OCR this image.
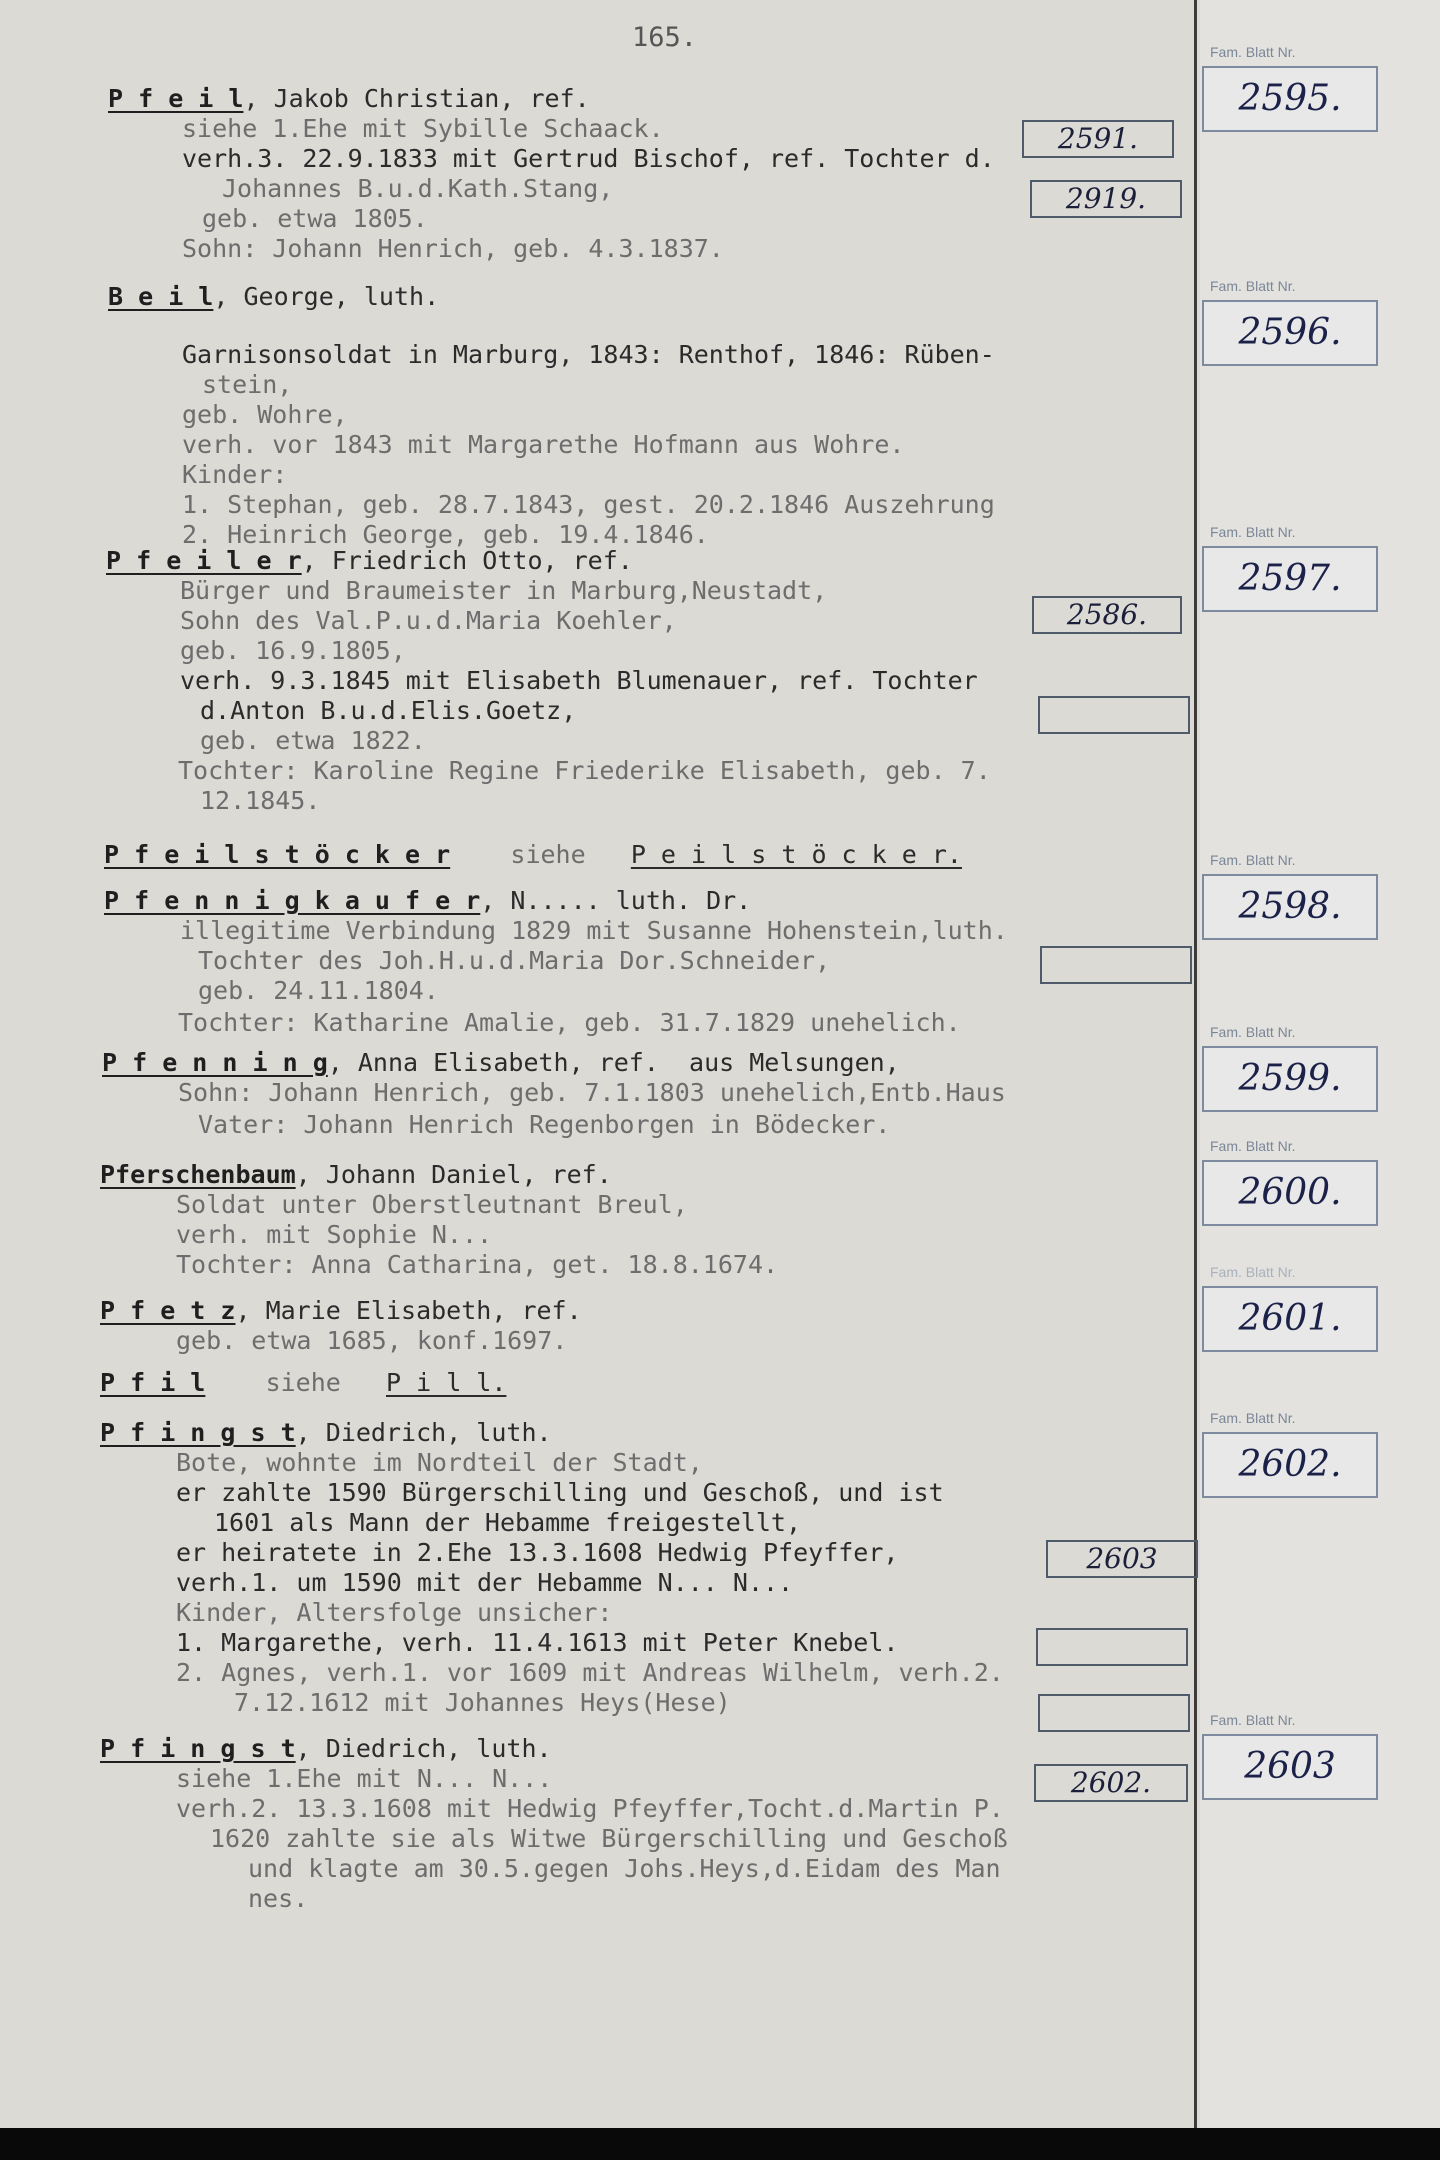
165.
P f e i l, Jakob Christian, ref.
siehe 1.Ehe mit Sybille Schaack.
verh.3. 22.9.1833 mit Gertrud Bischof, ref. Tochter d.
Johannes B.u.d.Kath.Stang,
geb. etwa 1805.
Sohn: Johann Henrich, geb. 4.3.1837.
2591.
2919.
B e i l, George, luth.
Garnisonsoldat in Marburg, 1843: Renthof, 1846: Rüben-
stein,
geb. Wohre,
verh. vor 1843 mit Margarethe Hofmann aus Wohre.
Kinder:
1. Stephan, geb. 28.7.1843, gest. 20.2.1846 Auszehrung
2. Heinrich George, geb. 19.4.1846.
P f e i l e r, Friedrich Otto, ref.
Bürger und Braumeister in Marburg,Neustadt,
Sohn des Val.P.u.d.Maria Koehler,
geb. 16.9.1805,
verh. 9.3.1845 mit Elisabeth Blumenauer, ref. Tochter
d.Anton B.u.d.Elis.Goetz,
geb. etwa 1822.
Tochter: Karoline Regine Friederike Elisabeth, geb. 7.
12.1845.
2586.
P f e i l s t ö c k e r siehe P e i l s t ö c k e r.
P f e n n i g k a u f e r, N..... luth. Dr.
illegitime Verbindung 1829 mit Susanne Hohenstein,luth.
Tochter des Joh.H.u.d.Maria Dor.Schneider,
geb. 24.11.1804.
Tochter: Katharine Amalie, geb. 31.7.1829 unehelich.
P f e n n i n g, Anna Elisabeth, ref.  aus Melsungen,
Sohn: Johann Henrich, geb. 7.1.1803 unehelich,Entb.Haus
Vater: Johann Henrich Regenborgen in Bödecker.
Pferschenbaum, Johann Daniel, ref.
Soldat unter Oberstleutnant Breul,
verh. mit Sophie N...
Tochter: Anna Catharina, get. 18.8.1674.
P f e t z, Marie Elisabeth, ref.
geb. etwa 1685, konf.1697.
P f i l siehe P i l l.
P f i n g s t, Diedrich, luth.
Bote, wohnte im Nordteil der Stadt,
er zahlte 1590 Bürgerschilling und Geschoß, und ist
1601 als Mann der Hebamme freigestellt,
er heiratete in 2.Ehe 13.3.1608 Hedwig Pfeyffer,
verh.1. um 1590 mit der Hebamme N... N...
Kinder, Altersfolge unsicher:
1. Margarethe, verh. 11.4.1613 mit Peter Knebel.
2. Agnes, verh.1. vor 1609 mit Andreas Wilhelm, verh.2.
7.12.1612 mit Johannes Heys(Hese)
2603
P f i n g s t, Diedrich, luth.
siehe 1.Ehe mit N... N...
verh.2. 13.3.1608 mit Hedwig Pfeyffer,Tocht.d.Martin P.
1620 zahlte sie als Witwe Bürgerschilling und Geschoß
und klagte am 30.5.gegen Johs.Heys,d.Eidam des Man
nes.
2602.
Fam. Blatt Nr.
2595.
Fam. Blatt Nr.
2596.
Fam. Blatt Nr.
2597.
Fam. Blatt Nr.
2598.
Fam. Blatt Nr.
2599.
Fam. Blatt Nr.
2600.
Fam. Blatt Nr.
2601.
Fam. Blatt Nr.
2602.
Fam. Blatt Nr.
2603
